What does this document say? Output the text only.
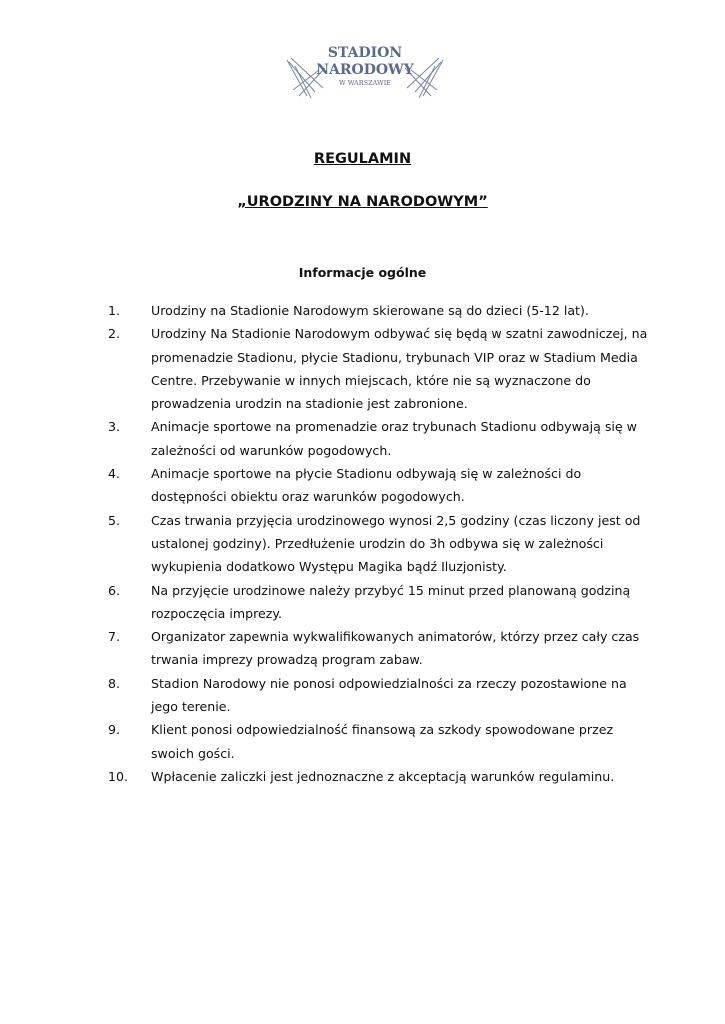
STADION
NARODOWY
W WARSZAWIE
REGULAMIN
„URODZINY NA NARODOWYM”
Informacje ogólne
1. Urodziny na Stadionie Narodowym skierowane są do dzieci (5-12 lat).
2. Urodziny Na Stadionie Narodowym odbywać się będą w szatni zawodniczej, na promenadzie Stadionu, płycie Stadionu, trybunach VIP oraz w Stadium Media Centre. Przebywanie w innych miejscach, które nie są wyznaczone do prowadzenia urodzin na stadionie jest zabronione.
3. Animacje sportowe na promenadzie oraz trybunach Stadionu odbywają się w zależności od warunków pogodowych.
4. Animacje sportowe na płycie Stadionu odbywają się w zależności do dostępności obiektu oraz warunków pogodowych.
5. Czas trwania przyjęcia urodzinowego wynosi 2,5 godziny (czas liczony jest od ustalonej godziny). Przedłużenie urodzin do 3h odbywa się w zależności wykupienia dodatkowo Występu Magika bądź Iluzjonisty.
6. Na przyjęcie urodzinowe należy przybyć 15 minut przed planowaną godziną rozpoczęcia imprezy.
7. Organizator zapewnia wykwalifikowanych animatorów, którzy przez cały czas trwania imprezy prowadzą program zabaw.
8. Stadion Narodowy nie ponosi odpowiedzialności za rzeczy pozostawione na jego terenie.
9. Klient ponosi odpowiedzialność finansową za szkody spowodowane przez swoich gości.
10. Wpłacenie zaliczki jest jednoznaczne z akceptacją warunków regulaminu.
